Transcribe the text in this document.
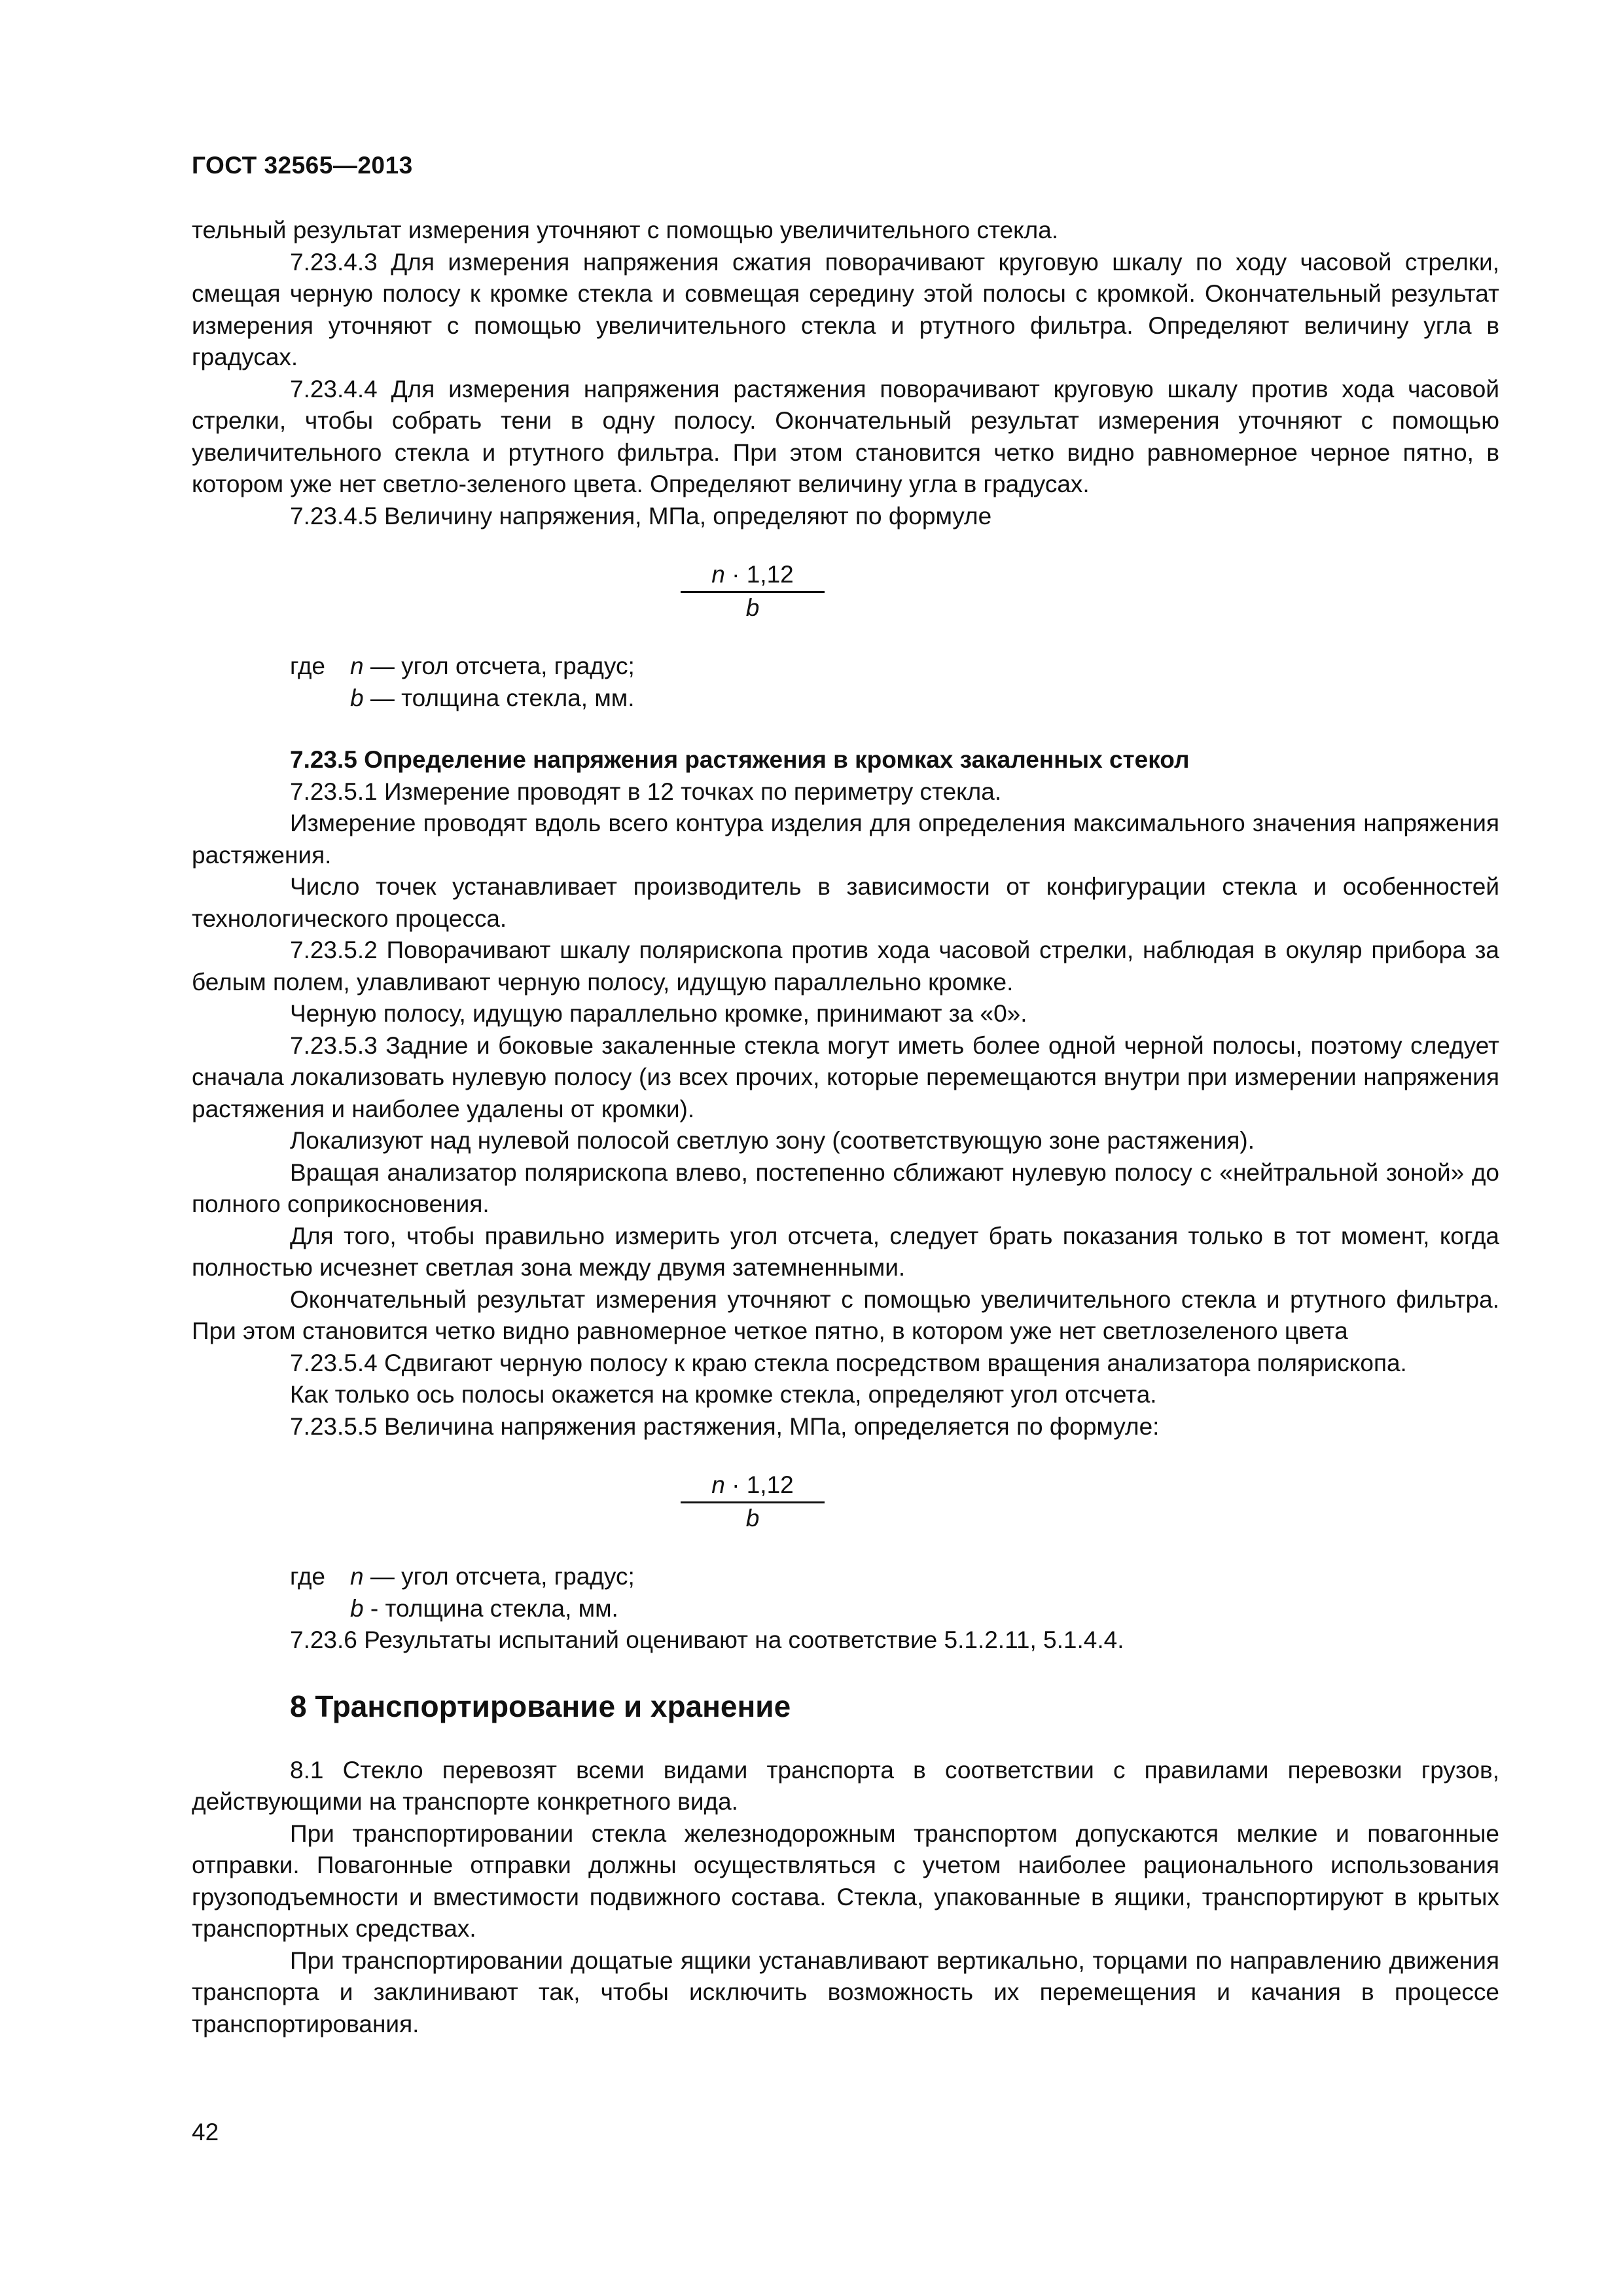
ГОСТ 32565—2013

тельный результат измерения уточняют с помощью увеличительного стекла.

7.23.4.3 Для измерения напряжения сжатия поворачивают круговую шкалу по ходу часовой стрелки, смещая черную полосу к кромке стекла и совмещая середину этой полосы с кромкой. Окончательный результат измерения уточняют с помощью увеличительного стекла и ртутного фильтра. Определяют величину угла в градусах.

7.23.4.4 Для измерения напряжения растяжения поворачивают круговую шкалу против хода часовой стрелки, чтобы собрать тени в одну полосу. Окончательный результат измерения уточняют с помощью увеличительного стекла и ртутного фильтра. При этом становится четко видно равномерное черное пятно, в котором уже нет светло-зеленого цвета. Определяют величину угла в градусах.

7.23.4.5 Величину напряжения, МПа, определяют по формуле

n · 1,12
b

где n — угол отсчета, градус;

b — толщина стекла, мм.

7.23.5 Определение напряжения растяжения в кромках закаленных стекол

7.23.5.1 Измерение проводят в 12 точках по периметру стекла.

Измерение проводят вдоль всего контура изделия для определения максимального значения напряжения растяжения.

Число точек устанавливает производитель в зависимости от конфигурации стекла и особенностей технологического процесса.

7.23.5.2 Поворачивают шкалу полярископа против хода часовой стрелки, наблюдая в окуляр прибора за белым полем, улавливают черную полосу, идущую параллельно кромке.

Черную полосу, идущую параллельно кромке, принимают за «0».

7.23.5.3 Задние и боковые закаленные стекла могут иметь более одной черной полосы, поэтому следует сначала локализовать нулевую полосу (из всех прочих, которые перемещаются внутри при измерении напряжения растяжения и наиболее удалены от кромки).

Локализуют над нулевой полосой светлую зону (соответствующую зоне растяжения).

Вращая анализатор полярископа влево, постепенно сближают нулевую полосу с «нейтральной зоной» до полного соприкосновения.

Для того, чтобы правильно измерить угол отсчета, следует брать показания только в тот момент, когда полностью исчезнет светлая зона между двумя затемненными.

Окончательный результат измерения уточняют с помощью увеличительного стекла и ртутного фильтра. При этом становится четко видно равномерное четкое пятно, в котором уже нет светлозеленого цвета

7.23.5.4 Сдвигают черную полосу к краю стекла посредством вращения анализатора полярископа.

Как только ось полосы окажется на кромке стекла, определяют угол отсчета.

7.23.5.5 Величина напряжения растяжения, МПа, определяется по формуле:

n · 1,12
b

где n — угол отсчета, градус;

b - толщина стекла, мм.

7.23.6 Результаты испытаний оценивают на соответствие 5.1.2.11, 5.1.4.4.

8 Транспортирование и хранение

8.1 Стекло перевозят всеми видами транспорта в соответствии с правилами перевозки грузов, действующими на транспорте конкретного вида.

При транспортировании стекла железнодорожным транспортом допускаются мелкие и повагонные отправки. Повагонные отправки должны осуществляться с учетом наиболее рационального использования грузоподъемности и вместимости подвижного состава. Стекла, упакованные в ящики, транспортируют в крытых транспортных средствах.

При транспортировании дощатые ящики устанавливают вертикально, торцами по направлению движения транспорта и заклинивают так, чтобы исключить возможность их перемещения и качания в процессе транспортирования.

42
